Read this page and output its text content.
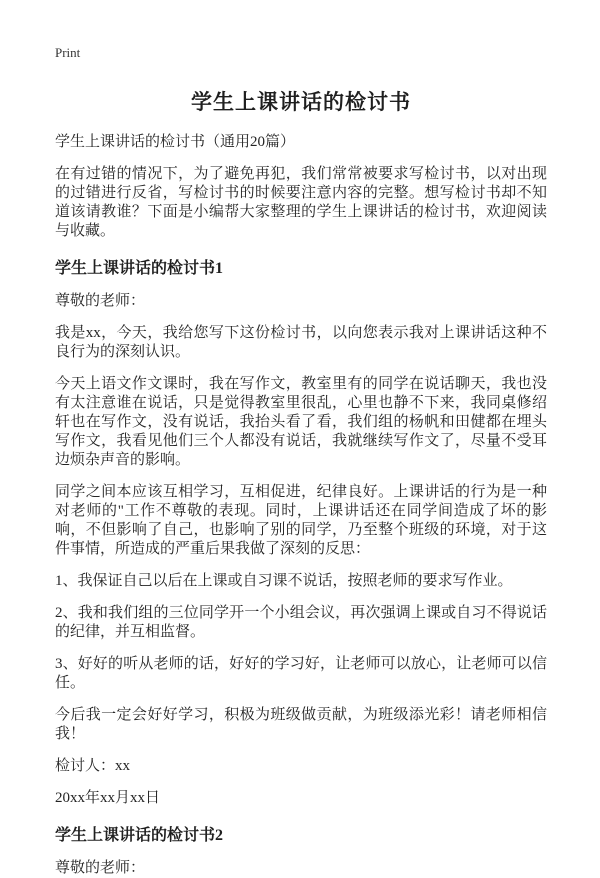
Print
学生上课讲话的检讨书

学生上课讲话的检讨书（通用20篇）

在有过错的情况下，为了避免再犯，我们常常被要求写检讨书，以对出现的过错进行反省，写检讨书的时候要注意内容的完整。想写检讨书却不知道该请教谁？下面是小编帮大家整理的学生上课讲话的检讨书，欢迎阅读与收藏。

学生上课讲话的检讨书1

尊敬的老师：

我是xx，今天，我给您写下这份检讨书，以向您表示我对上课讲话这种不良行为的深刻认识。

今天上语文作文课时，我在写作文，教室里有的同学在说话聊天，我也没有太注意谁在说话，只是觉得教室里很乱，心里也静不下来，我同桌修绍轩也在写作文，没有说话，我抬头看了看，我们组的杨帆和田健都在埋头写作文，我看见他们三个人都没有说话，我就继续写作文了，尽量不受耳边烦杂声音的影响。

同学之间本应该互相学习，互相促进，纪律良好。上课讲话的行为是一种对老师的"工作不尊敬的表现。同时，上课讲话还在同学间造成了坏的影响，不但影响了自己，也影响了别的同学，乃至整个班级的环境，对于这件事情，所造成的严重后果我做了深刻的反思：

1、我保证自己以后在上课或自习课不说话，按照老师的要求写作业。

2、我和我们组的三位同学开一个小组会议，再次强调上课或自习不得说话的纪律，并互相监督。

3、好好的听从老师的话，好好的学习好，让老师可以放心，让老师可以信任。

今后我一定会好好学习，积极为班级做贡献，为班级添光彩！请老师相信我！

检讨人：xx

20xx年xx月xx日

学生上课讲话的检讨书2

尊敬的老师：
